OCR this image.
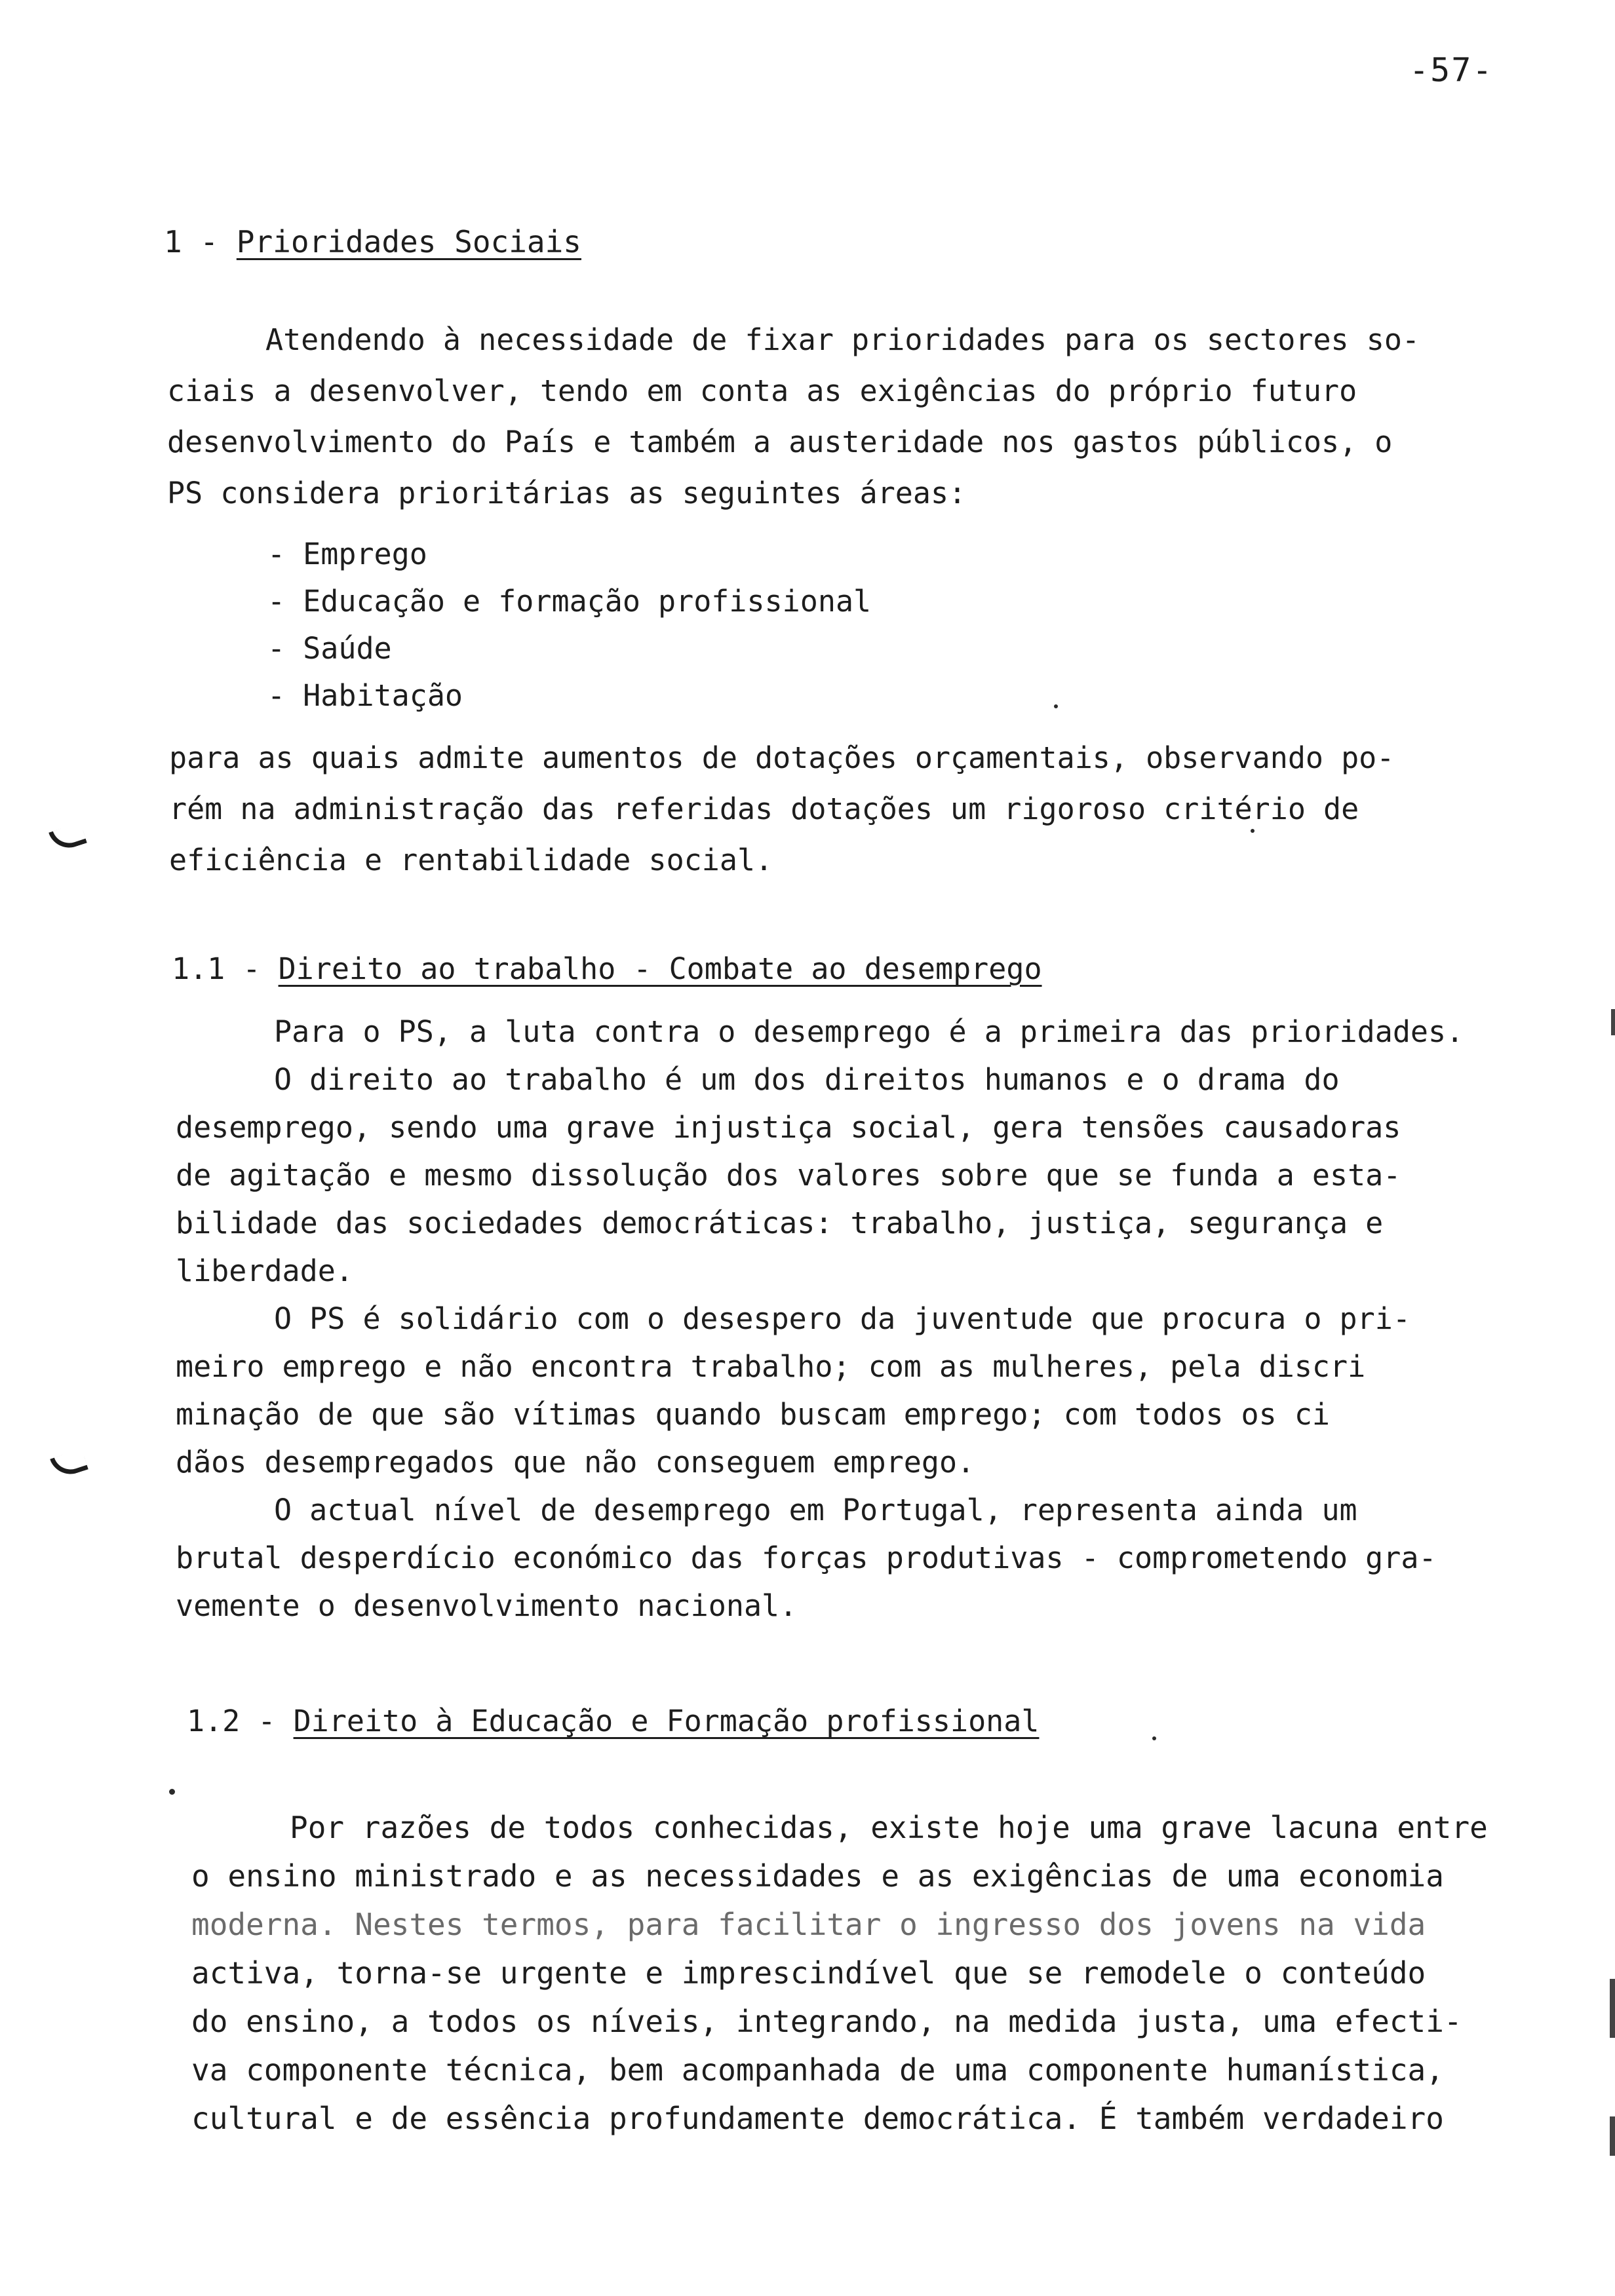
-57-
1 - Prioridades Sociais
Atendendo à necessidade de fixar prioridades para os sectores so-
ciais a desenvolver, tendo em conta as exigências do próprio futuro
desenvolvimento do País e também a austeridade nos gastos públicos, o
PS considera prioritárias as seguintes áreas:
- Emprego
- Educação e formação profissional
- Saúde
- Habitação
para as quais admite aumentos de dotações orçamentais, observando po-
rém na administração das referidas dotações um rigoroso critério de
eficiência e rentabilidade social.
1.1 - Direito ao trabalho - Combate ao desemprego
Para o PS, a luta contra o desemprego é a primeira das prioridades.
O direito ao trabalho é um dos direitos humanos e o drama do
desemprego, sendo uma grave injustiça social, gera tensões causadoras
de agitação e mesmo dissolução dos valores sobre que se funda a esta-
bilidade das sociedades democráticas: trabalho, justiça, segurança e
liberdade.
O PS é solidário com o desespero da juventude que procura o pri-
meiro emprego e não encontra trabalho; com as mulheres, pela discri
minação de que são vítimas quando buscam emprego; com todos os ci
dãos desempregados que não conseguem emprego.
O actual nível de desemprego em Portugal, representa ainda um
brutal desperdício económico das forças produtivas - comprometendo gra-
vemente o desenvolvimento nacional.
1.2 - Direito à Educação e Formação profissional
Por razões de todos conhecidas, existe hoje uma grave lacuna entre
o ensino ministrado e as necessidades e as exigências de uma economia
moderna. Nestes termos, para facilitar o ingresso dos jovens na vida
activa, torna-se urgente e imprescindível que se remodele o conteúdo
do ensino, a todos os níveis, integrando, na medida justa, uma efecti-
va componente técnica, bem acompanhada de uma componente humanística,
cultural e de essência profundamente democrática. É também verdadeiro
